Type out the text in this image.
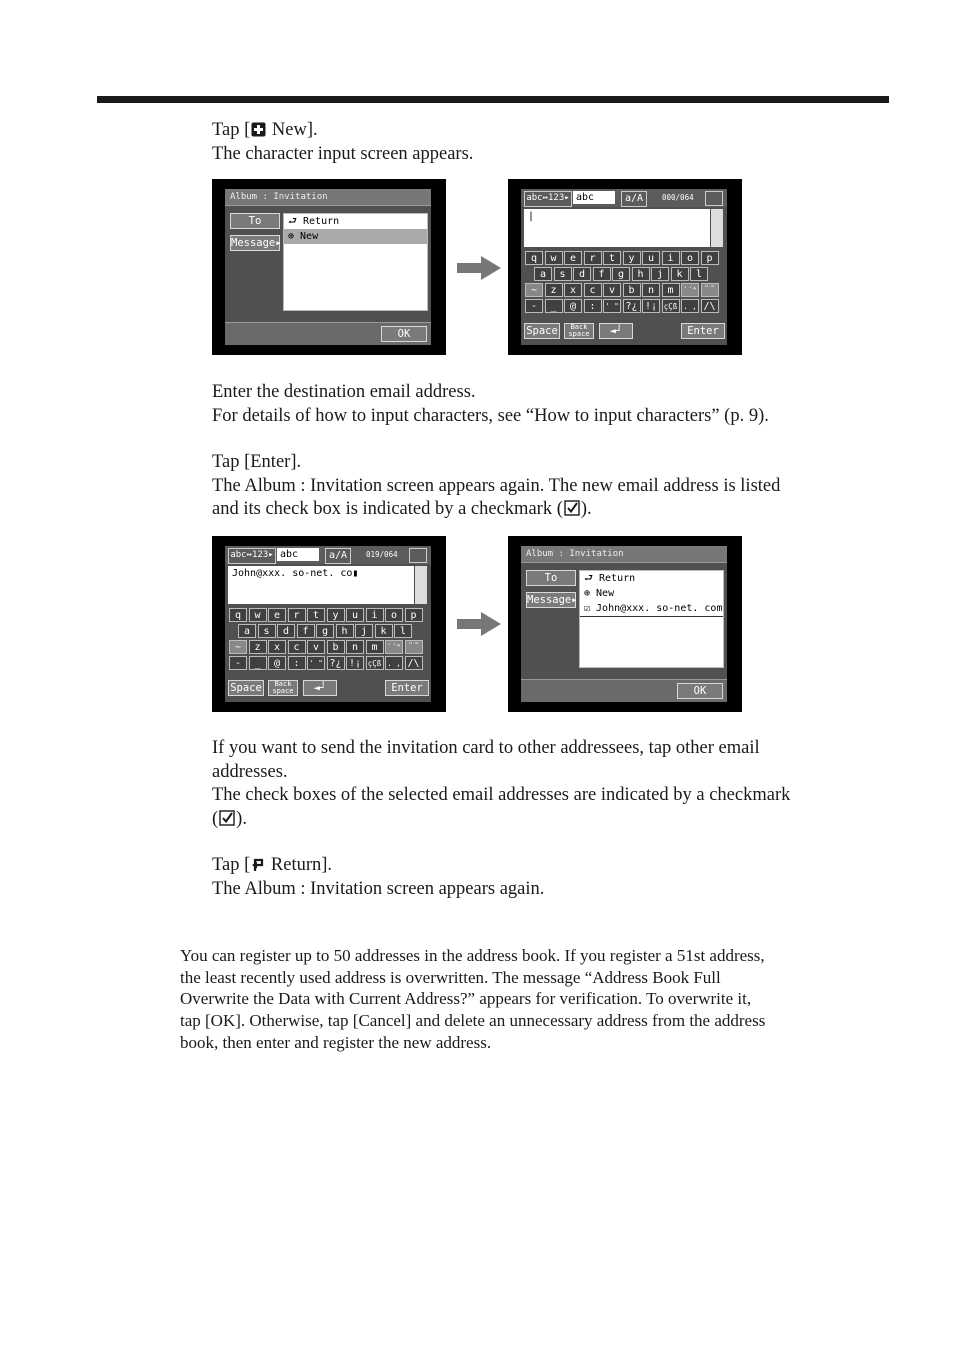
Tap [ New].
The character input screen appears.
Album : Invitation
To
Message▸
⮐ Return
⊕ New
OK
abc↔123▸ abc	a/A	000/064
|
Space	Back space	◄┘	Enter
q	w	e	r	t	y	u	i	o	p
a	s	d	f	g	h	j	k	l
~	z	x	c	v	b	n	m	`´^ ¨˜
-	_	@	:	' " ?¿ !¡ çÇß . , /\
Enter the destination email address.
For details of how to input characters, see “How to input characters” (p. 9).
Tap [Enter].
The Album : Invitation screen appears again. The new email address is listed
and its check box is indicated by a checkmark ( ).
abc↔123▸ abc	a/A	019/064
John@xxx. so-net. co▮
Space	Back space	◄┘	Enter
q	w	e	r	t	y	u	i	o	p
a	s	d	f	g	h	j	k	l
~	z	x	c	v	b	n	m	`´^ ¨˜
-	_	@	:	' " ?¿ !¡ çÇß . , /\
Album : Invitation
To
Message▸
⮐ Return
⊕ New
☑ John@xxx. so-net. com
OK
If you want to send the invitation card to other addressees, tap other email
addresses.
The check boxes of the selected email addresses are indicated by a checkmark
( ).
Tap [ Return].
The Album : Invitation screen appears again.

You can register up to 50 addresses in the address book. If you register a 51st address,

the least recently used address is overwritten. The message “Address Book Full

Overwrite the Data with Current Address?” appears for verification. To overwrite it,

tap [OK]. Otherwise, tap [Cancel] and delete an unnecessary address from the address

book, then enter and register the new address.
